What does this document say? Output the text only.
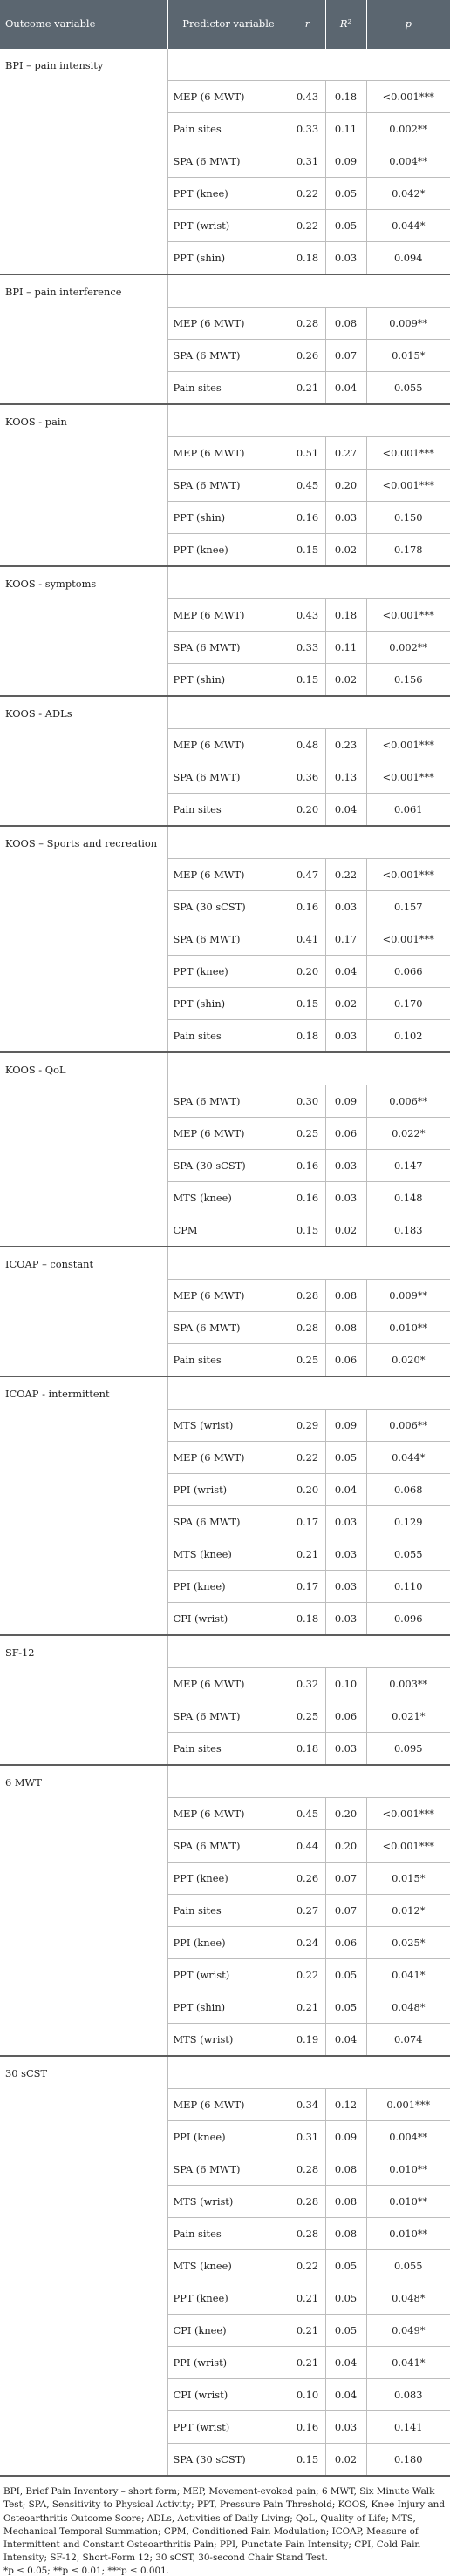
Outcome variable	Predictor variable	r	R²	p
BPI – pain intensity				
	MEP (6 MWT)	0.43	0.18	<0.001***
	Pain sites	0.33	0.11	0.002**
	SPA (6 MWT)	0.31	0.09	0.004**
	PPT (knee)	0.22	0.05	0.042*
	PPT (wrist)	0.22	0.05	0.044*
	PPT (shin)	0.18	0.03	0.094
BPI – pain interference				
	MEP (6 MWT)	0.28	0.08	0.009**
	SPA (6 MWT)	0.26	0.07	0.015*
	Pain sites	0.21	0.04	0.055
KOOS - pain				
	MEP (6 MWT)	0.51	0.27	<0.001***
	SPA (6 MWT)	0.45	0.20	<0.001***
	PPT (shin)	0.16	0.03	0.150
	PPT (knee)	0.15	0.02	0.178
KOOS - symptoms				
	MEP (6 MWT)	0.43	0.18	<0.001***
	SPA (6 MWT)	0.33	0.11	0.002**
	PPT (shin)	0.15	0.02	0.156
KOOS - ADLs				
	MEP (6 MWT)	0.48	0.23	<0.001***
	SPA (6 MWT)	0.36	0.13	<0.001***
	Pain sites	0.20	0.04	0.061
KOOS – Sports and recreation				
	MEP (6 MWT)	0.47	0.22	<0.001***
	SPA (30 sCST)	0.16	0.03	0.157
	SPA (6 MWT)	0.41	0.17	<0.001***
	PPT (knee)	0.20	0.04	0.066
	PPT (shin)	0.15	0.02	0.170
	Pain sites	0.18	0.03	0.102
KOOS - QoL				
	SPA (6 MWT)	0.30	0.09	0.006**
	MEP (6 MWT)	0.25	0.06	0.022*
	SPA (30 sCST)	0.16	0.03	0.147
	MTS (knee)	0.16	0.03	0.148
	CPM	0.15	0.02	0.183
ICOAP – constant				
	MEP (6 MWT)	0.28	0.08	0.009**
	SPA (6 MWT)	0.28	0.08	0.010**
	Pain sites	0.25	0.06	0.020*
ICOAP - intermittent				
	MTS (wrist)	0.29	0.09	0.006**
	MEP (6 MWT)	0.22	0.05	0.044*
	PPI (wrist)	0.20	0.04	0.068
	SPA (6 MWT)	0.17	0.03	0.129
	MTS (knee)	0.21	0.03	0.055
	PPI (knee)	0.17	0.03	0.110
	CPI (wrist)	0.18	0.03	0.096
SF-12				
	MEP (6 MWT)	0.32	0.10	0.003**
	SPA (6 MWT)	0.25	0.06	0.021*
	Pain sites	0.18	0.03	0.095
6 MWT				
	MEP (6 MWT)	0.45	0.20	<0.001***
	SPA (6 MWT)	0.44	0.20	<0.001***
	PPT (knee)	0.26	0.07	0.015*
	Pain sites	0.27	0.07	0.012*
	PPI (knee)	0.24	0.06	0.025*
	PPT (wrist)	0.22	0.05	0.041*
	PPT (shin)	0.21	0.05	0.048*
	MTS (wrist)	0.19	0.04	0.074
30 sCST				
	MEP (6 MWT)	0.34	0.12	0.001***
	PPI (knee)	0.31	0.09	0.004**
	SPA (6 MWT)	0.28	0.08	0.010**
	MTS (wrist)	0.28	0.08	0.010**
	Pain sites	0.28	0.08	0.010**
	MTS (knee)	0.22	0.05	0.055
	PPT (knee)	0.21	0.05	0.048*
	CPI (knee)	0.21	0.05	0.049*
	PPI (wrist)	0.21	0.04	0.041*
	CPI (wrist)	0.10	0.04	0.083
	PPT (wrist)	0.16	0.03	0.141
	SPA (30 sCST)	0.15	0.02	0.180

BPI, Brief Pain Inventory – short form; MEP, Movement-evoked pain; 6 MWT, Six Minute Walk Test; SPA, Sensitivity to Physical Activity; PPT, Pressure Pain Threshold; KOOS, Knee Injury and Osteoarthritis Outcome Score; ADLs, Activities of Daily Living; QoL, Quality of Life; MTS, Mechanical Temporal Summation; CPM, Conditioned Pain Modulation; ICOAP, Measure of Intermittent and Constant Osteoarthritis Pain; PPI, Punctate Pain Intensity; CPI, Cold Pain Intensity; SF-12, Short-Form 12; 30 sCST, 30-second Chair Stand Test.

*p ≤ 0.05; **p ≤ 0.01; ***p ≤ 0.001.
